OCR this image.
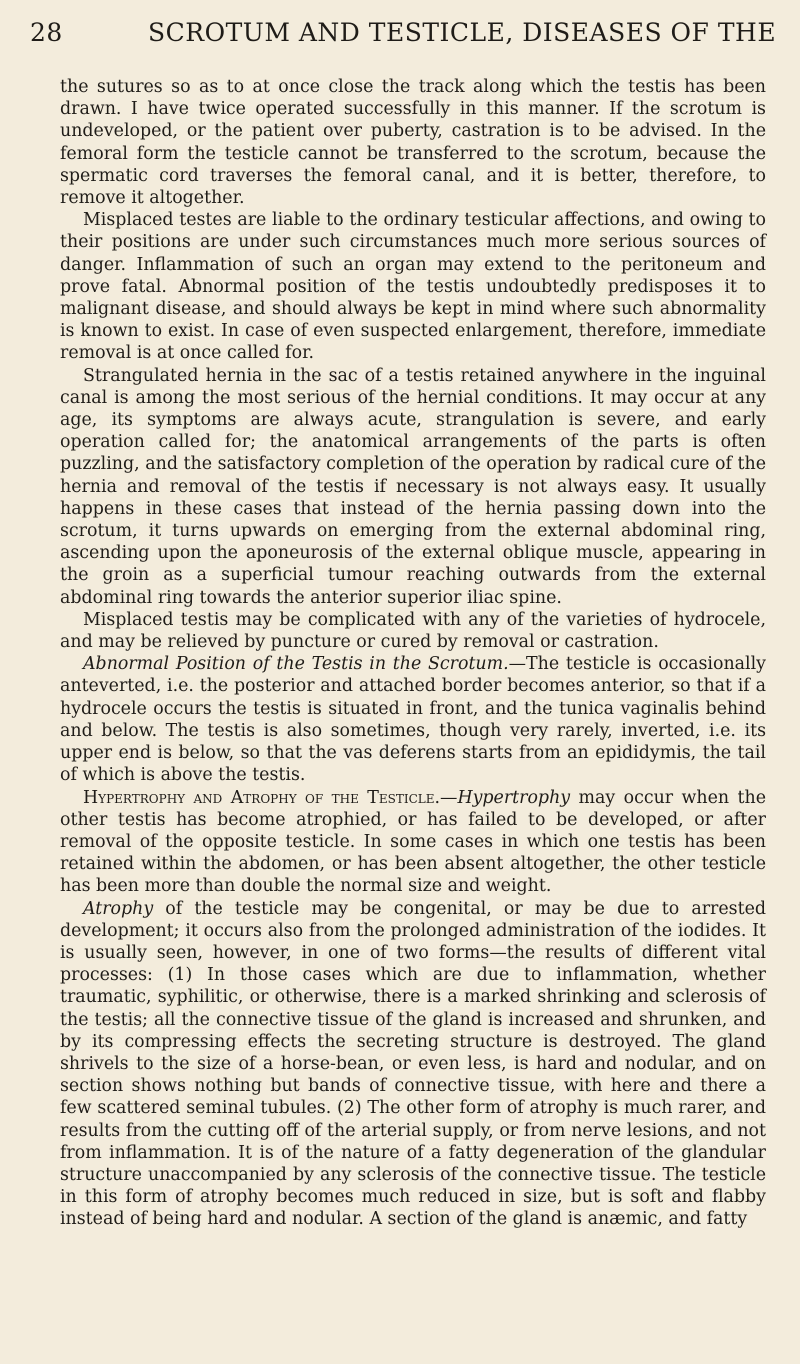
28	SCROTUM AND TESTICLE, DISEASES OF THE

the sutures so as to at once close the track along which the testis has been drawn. I have twice operated successfully in this manner. If the scrotum is undeveloped, or the patient over puberty, castration is to be advised. In the femoral form the testicle cannot be transferred to the scrotum, because the spermatic cord traverses the femoral canal, and it is better, therefore, to remove it altogether.

Misplaced testes are liable to the ordinary testicular affections, and owing to their positions are under such circumstances much more serious sources of danger. Inflammation of such an organ may extend to the peritoneum and prove fatal. Abnormal position of the testis undoubtedly predisposes it to malignant disease, and should always be kept in mind where such abnormality is known to exist. In case of even suspected enlargement, therefore, immediate removal is at once called for.

Strangulated hernia in the sac of a testis retained anywhere in the inguinal canal is among the most serious of the hernial conditions. It may occur at any age, its symptoms are always acute, strangulation is severe, and early operation called for; the anatomical arrangements of the parts is often puzzling, and the satisfactory completion of the operation by radical cure of the hernia and removal of the testis if necessary is not always easy. It usually happens in these cases that instead of the hernia passing down into the scrotum, it turns upwards on emerging from the external abdominal ring, ascending upon the aponeurosis of the external oblique muscle, appearing in the groin as a superficial tumour reaching outwards from the external abdominal ring towards the anterior superior iliac spine.

Misplaced testis may be complicated with any of the varieties of hydrocele, and may be relieved by puncture or cured by removal or castration.

Abnormal Position of the Testis in the Scrotum.—The testicle is occasionally anteverted, i.e. the posterior and attached border becomes anterior, so that if a hydrocele occurs the testis is situated in front, and the tunica vaginalis behind and below. The testis is also sometimes, though very rarely, inverted, i.e. its upper end is below, so that the vas deferens starts from an epididymis, the tail of which is above the testis.

Hypertrophy and Atrophy of the Testicle.—Hypertrophy may occur when the other testis has become atrophied, or has failed to be developed, or after removal of the opposite testicle. In some cases in which one testis has been retained within the abdomen, or has been absent altogether, the other testicle has been more than double the normal size and weight.

Atrophy of the testicle may be congenital, or may be due to arrested development; it occurs also from the prolonged administration of the iodides. It is usually seen, however, in one of two forms—the results of different vital processes: (1) In those cases which are due to inflammation, whether traumatic, syphilitic, or otherwise, there is a marked shrinking and sclerosis of the testis; all the connective tissue of the gland is increased and shrunken, and by its compressing effects the secreting structure is destroyed. The gland shrivels to the size of a horse-bean, or even less, is hard and nodular, and on section shows nothing but bands of connective tissue, with here and there a few scattered seminal tubules. (2) The other form of atrophy is much rarer, and results from the cutting off of the arterial supply, or from nerve lesions, and not from inflammation. It is of the nature of a fatty degeneration of the glandular structure unaccompanied by any sclerosis of the connective tissue. The testicle in this form of atrophy becomes much reduced in size, but is soft and flabby instead of being hard and nodular. A section of the gland is anæmic, and fatty
